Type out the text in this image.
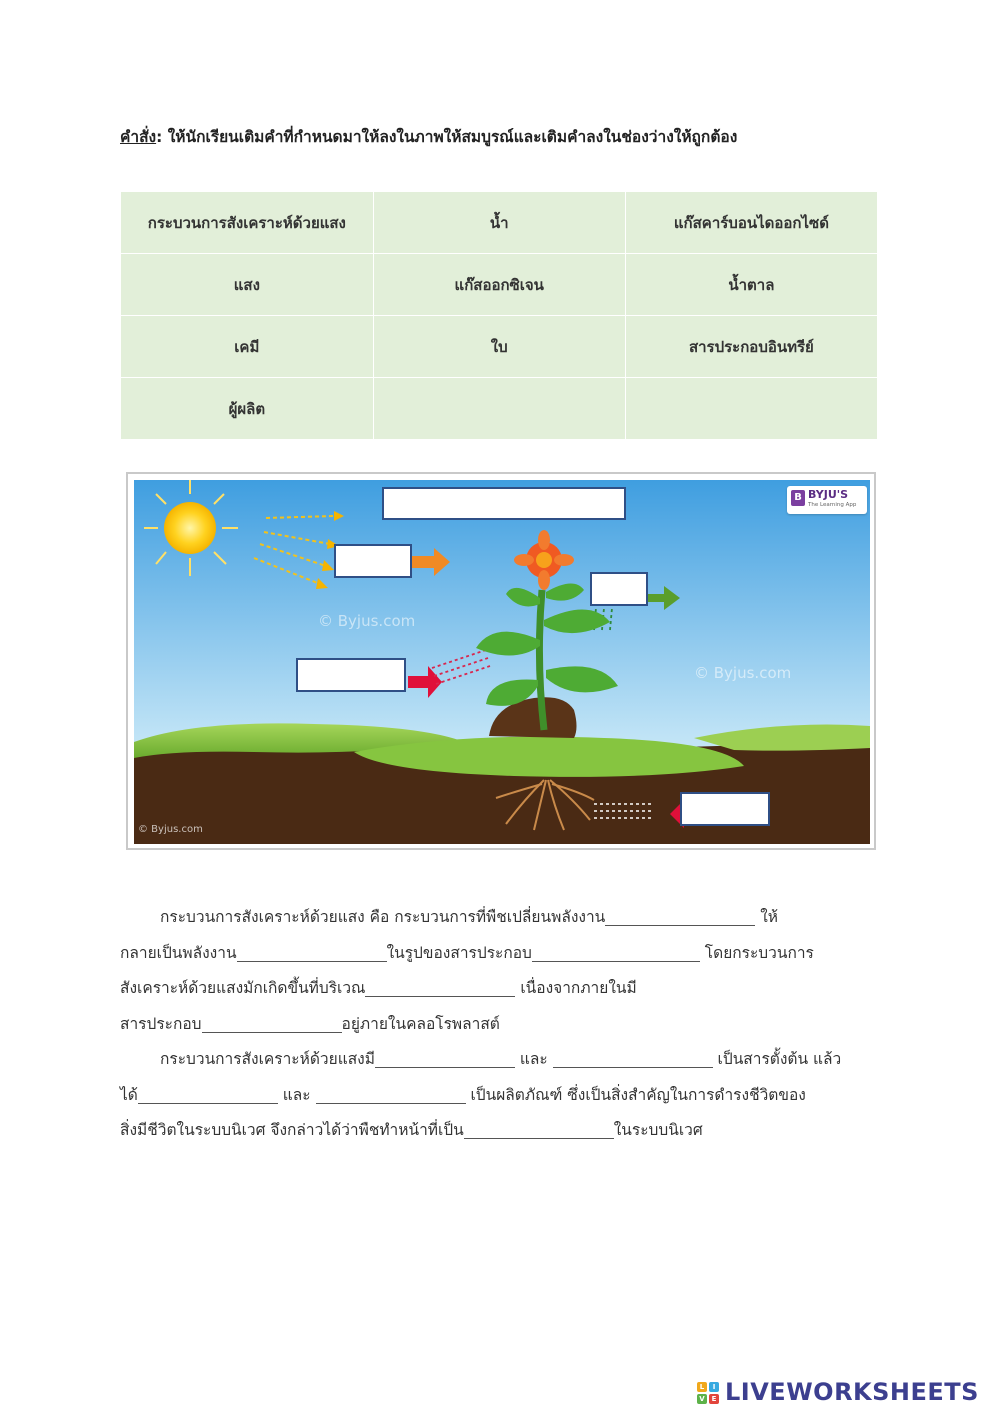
คำสั่ง: ให้นักเรียนเติมคำที่กำหนดมาให้ลงในภาพให้สมบูรณ์และเติมคำลงในช่องว่างให้ถูกต้อง
กระบวนการสังเคราะห์ด้วยแสง	น้ำ	แก๊สคาร์บอนไดออกไซด์
แสง	แก๊สออกซิเจน	น้ำตาล
เคมี	ใบ	สารประกอบอินทรีย์
ผู้ผลิต		
© Byjus.com
© Byjus.com
© Byjus.com
B BYJU'S
The Learning App

กระบวนการสังเคราะห์ด้วยแสง คือ กระบวนการที่พืชเปลี่ยนพลังงาน	ให้
กลายเป็นพลังงาน	ในรูปของสารประกอบ	โดยกระบวนการ
สังเคราะห์ด้วยแสงมักเกิดขึ้นที่บริเวณ	เนื่องจากภายในมี
สารประกอบ	อยู่ภายในคลอโรพลาสต์

กระบวนการสังเคราะห์ด้วยแสงมี	และ	เป็นสารตั้งต้น แล้ว
ได้	และ	เป็นผลิตภัณฑ์ ซึ่งเป็นสิ่งสำคัญในการดำรงชีวิตของ
สิ่งมีชีวิตในระบบนิเวศ จึงกล่าวได้ว่าพืชทำหน้าที่เป็น	ในระบบนิเวศ

L	I
V E LIVEWORKSHEETS
